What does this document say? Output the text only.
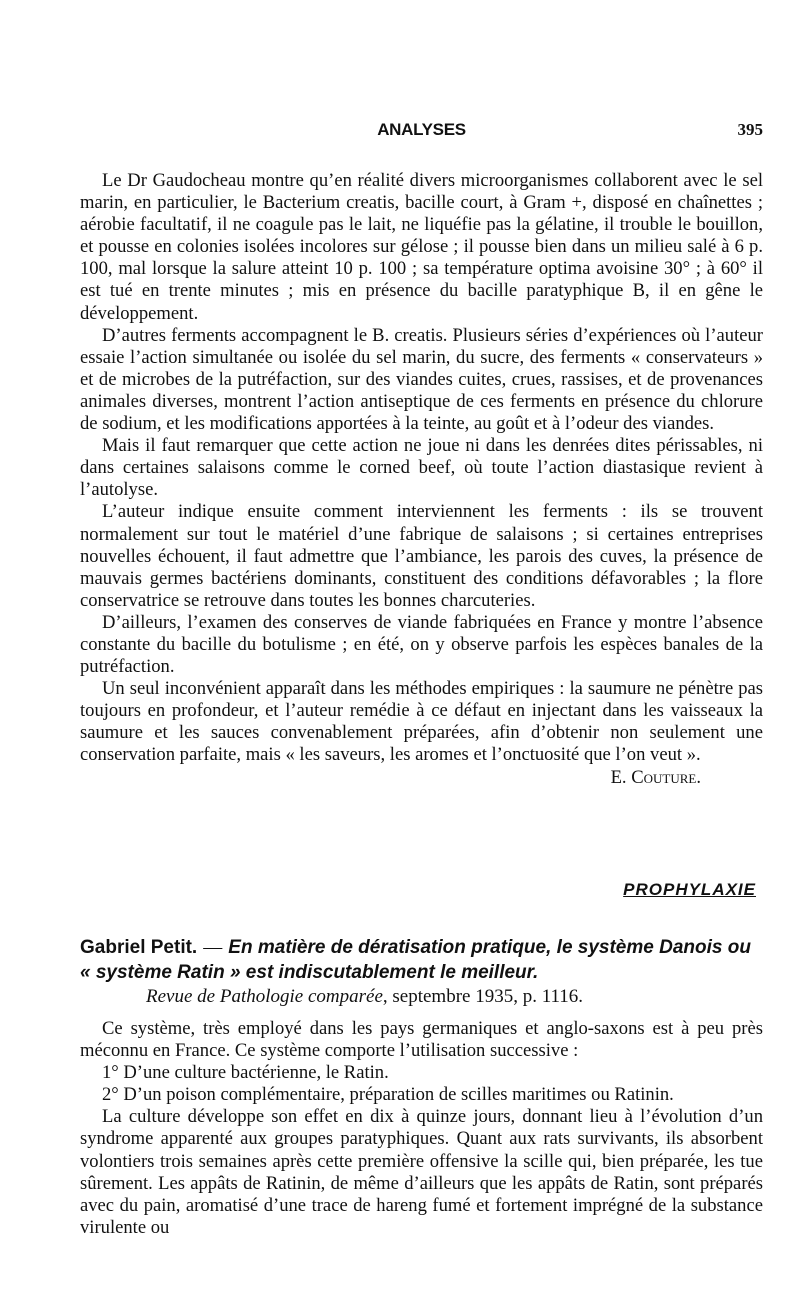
ANALYSES	395

Le Dr Gaudocheau montre qu’en réalité divers microorganismes collaborent avec le sel marin, en particulier, le Bacterium creatis, bacille court, à Gram +, disposé en chaînettes ; aérobie facultatif, il ne coagule pas le lait, ne liquéfie pas la gélatine, il trouble le bouillon, et pousse en colonies isolées incolores sur gélose ; il pousse bien dans un milieu salé à 6 p. 100, mal lorsque la salure atteint 10 p. 100 ; sa température optima avoisine 30° ; à 60° il est tué en trente minutes ; mis en présence du bacille paratyphique B, il en gêne le développement.

D’autres ferments accompagnent le B. creatis. Plusieurs séries d’expériences où l’auteur essaie l’action simultanée ou isolée du sel marin, du sucre, des ferments « conservateurs » et de microbes de la putréfaction, sur des viandes cuites, crues, rassises, et de provenances animales diverses, montrent l’action antiseptique de ces ferments en présence du chlorure de sodium, et les modifications apportées à la teinte, au goût et à l’odeur des viandes.

Mais il faut remarquer que cette action ne joue ni dans les denrées dites périssables, ni dans certaines salaisons comme le corned beef, où toute l’action diastasique revient à l’autolyse.

L’auteur indique ensuite comment interviennent les ferments : ils se trouvent normalement sur tout le matériel d’une fabrique de salaisons ; si certaines entreprises nouvelles échouent, il faut admettre que l’ambiance, les parois des cuves, la présence de mauvais germes bactériens dominants, constituent des conditions défavorables ; la flore conservatrice se retrouve dans toutes les bonnes charcuteries.

D’ailleurs, l’examen des conserves de viande fabriquées en France y montre l’absence constante du bacille du botulisme ; en été, on y observe parfois les espèces banales de la putréfaction.

Un seul inconvénient apparaît dans les méthodes empiriques : la saumure ne pénètre pas toujours en profondeur, et l’auteur remédie à ce défaut en injectant dans les vaisseaux la saumure et les sauces convenablement préparées, afin d’obtenir non seulement une conservation parfaite, mais « les saveurs, les aromes et l’onctuosité que l’on veut ».
E. Couture.

PROPHYLAXIE
Gabriel Petit. — En matière de dératisation pratique, le système Danois ou « système Ratin » est indiscutablement le meilleur.
Revue de Pathologie comparée, septembre 1935, p. 1116.

Ce système, très employé dans les pays germaniques et anglo-saxons est à peu près méconnu en France. Ce système comporte l’utilisation successive :

1° D’une culture bactérienne, le Ratin.

2° D’un poison complémentaire, préparation de scilles maritimes ou Ratinin.

La culture développe son effet en dix à quinze jours, donnant lieu à l’évolution d’un syndrome apparenté aux groupes paratyphiques. Quant aux rats survivants, ils absorbent volontiers trois semaines après cette première offensive la scille qui, bien préparée, les tue sûrement. Les appâts de Ratinin, de même d’ailleurs que les appâts de Ratin, sont préparés avec du pain, aromatisé d’une trace de hareng fumé et fortement imprégné de la substance virulente ou
